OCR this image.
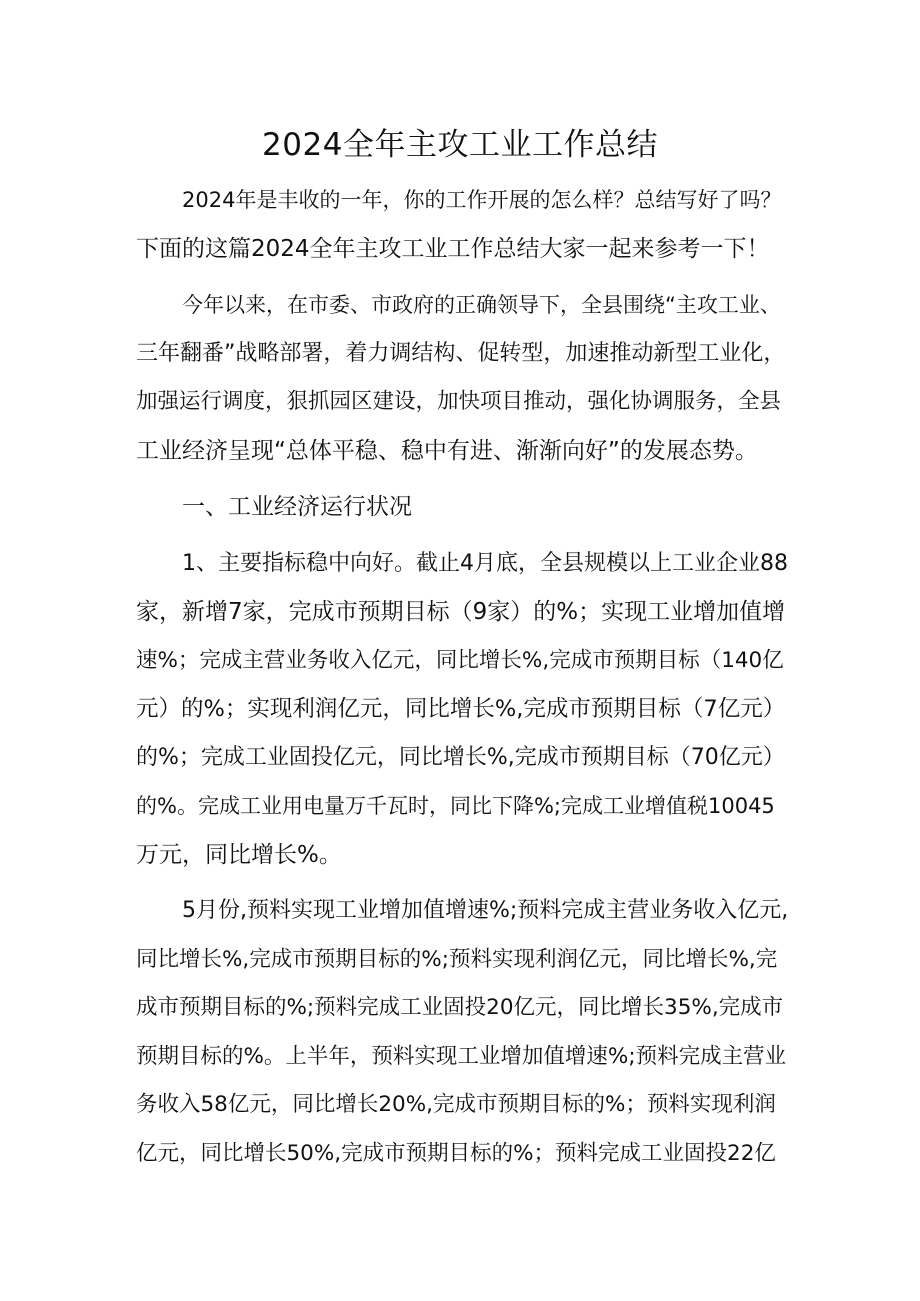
2024全年主攻工业工作总结

2024年是丰收的一年，你的工作开展的怎么样？总结写好了吗？
下面的这篇2024全年主攻工业工作总结大家一起来参考一下！

今年以来，在市委、市政府的正确领导下，全县围绕“主攻工业、
三年翻番”战略部署，着力调结构、促转型，加速推动新型工业化，
加强运行调度，狠抓园区建设，加快项目推动，强化协调服务，全县
工业经济呈现“总体平稳、稳中有进、渐渐向好”的发展态势。

一、工业经济运行状况

1、主要指标稳中向好。截止4月底，全县规模以上工业企业88
家，新增7家，完成市预期目标（9家）的%；实现工业增加值增
速%；完成主营业务收入亿元，同比增长%,完成市预期目标（140亿
元）的%；实现利润亿元，同比增长%,完成市预期目标（7亿元）
的%；完成工业固投亿元，同比增长%,完成市预期目标（70亿元）
的%。完成工业用电量万千瓦时，同比下降%;完成工业增值税10045
万元，同比增长%。

5月份,预料实现工业增加值增速%;预料完成主营业务收入亿元,
同比增长%,完成市预期目标的%;预料实现利润亿元，同比增长%,完
成市预期目标的%;预料完成工业固投20亿元，同比增长35%,完成市
预期目标的%。上半年，预料实现工业增加值增速%;预料完成主营业
务收入58亿元，同比增长20%,完成市预期目标的%；预料实现利润
亿元，同比增长50%,完成市预期目标的%；预料完成工业固投22亿
